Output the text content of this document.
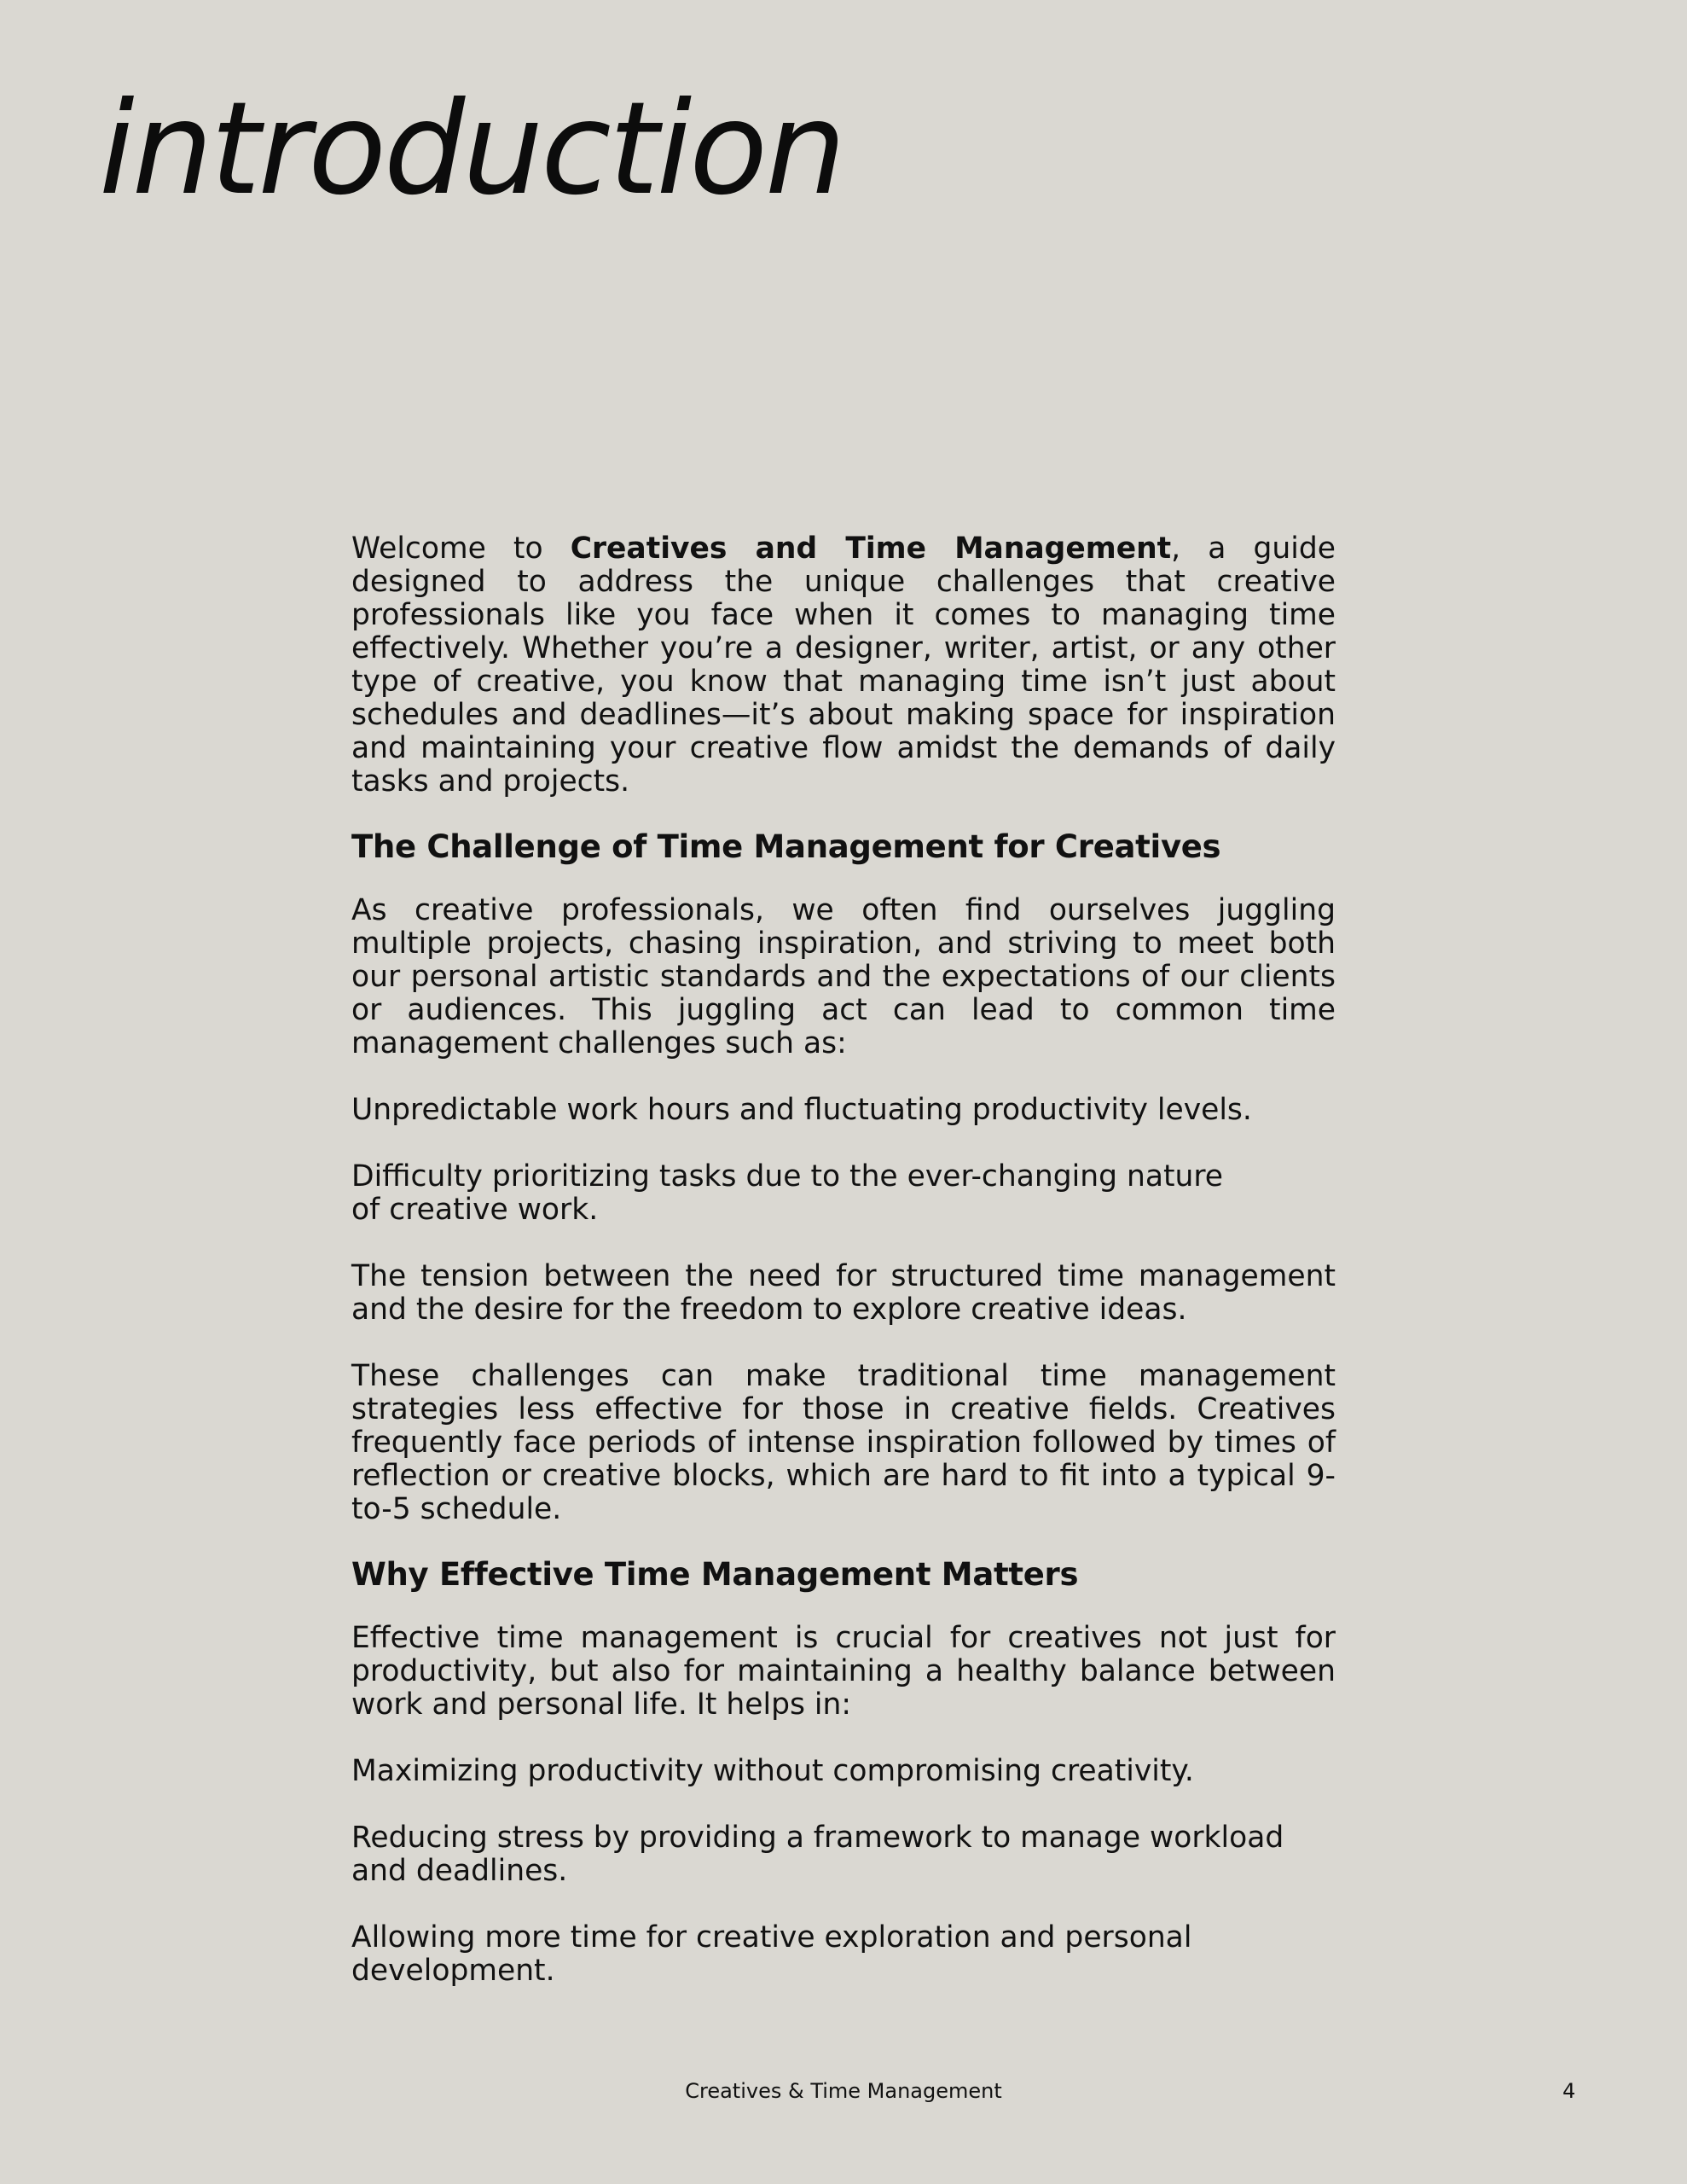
introduction

Welcome to Creatives and Time Management, a guide designed to address the unique challenges that creative professionals like you face when it comes to managing time effectively. Whether you’re a designer, writer, artist, or any other type of creative, you know that managing time isn’t just about schedules and deadlines—it’s about making space for inspiration and maintaining your creative flow amidst the demands of daily tasks and projects.

The Challenge of Time Management for Creatives

As creative professionals, we often find ourselves juggling multiple projects, chasing inspiration, and striving to meet both our personal artistic standards and the expectations of our clients or audiences. This juggling act can lead to common time management challenges such as:

Unpredictable work hours and fluctuating productivity levels.

Difficulty prioritizing tasks due to the ever-changing nature of creative work.

The tension between the need for structured time management and the desire for the freedom to explore creative ideas.

These challenges can make traditional time management strategies less effective for those in creative fields. Creatives frequently face periods of intense inspiration followed by times of reflection or creative blocks, which are hard to fit into a typical 9-to-5 schedule.

Why Effective Time Management Matters

Effective time management is crucial for creatives not just for productivity, but also for maintaining a healthy balance between work and personal life. It helps in:

Maximizing productivity without compromising creativity.

Reducing stress by providing a framework to manage workload and deadlines.

Allowing more time for creative exploration and personal development.

Creatives & Time Management	4
